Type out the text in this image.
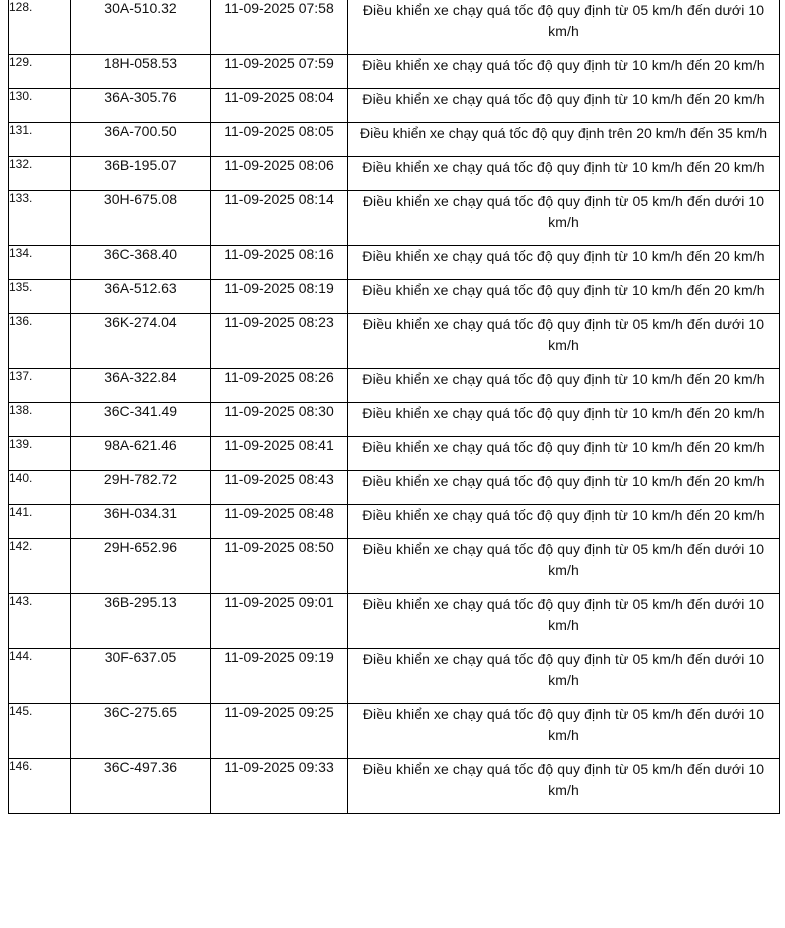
128.	30A-510.32	11-09-2025 07:58	Điều khiển xe chạy quá tốc độ quy định từ 05 km/h đến dưới 10 km/h
129.	18H-058.53	11-09-2025 07:59	Điều khiển xe chạy quá tốc độ quy định từ 10 km/h đến 20 km/h
130.	36A-305.76	11-09-2025 08:04	Điều khiển xe chạy quá tốc độ quy định từ 10 km/h đến 20 km/h
131.	36A-700.50	11-09-2025 08:05	Điều khiển xe chạy quá tốc độ quy định trên 20 km/h đến 35 km/h
132.	36B-195.07	11-09-2025 08:06	Điều khiển xe chạy quá tốc độ quy định từ 10 km/h đến 20 km/h
133.	30H-675.08	11-09-2025 08:14	Điều khiển xe chạy quá tốc độ quy định từ 05 km/h đến dưới 10 km/h
134.	36C-368.40	11-09-2025 08:16	Điều khiển xe chạy quá tốc độ quy định từ 10 km/h đến 20 km/h
135.	36A-512.63	11-09-2025 08:19	Điều khiển xe chạy quá tốc độ quy định từ 10 km/h đến 20 km/h
136.	36K-274.04	11-09-2025 08:23	Điều khiển xe chạy quá tốc độ quy định từ 05 km/h đến dưới 10 km/h
137.	36A-322.84	11-09-2025 08:26	Điều khiển xe chạy quá tốc độ quy định từ 10 km/h đến 20 km/h
138.	36C-341.49	11-09-2025 08:30	Điều khiển xe chạy quá tốc độ quy định từ 10 km/h đến 20 km/h
139.	98A-621.46	11-09-2025 08:41	Điều khiển xe chạy quá tốc độ quy định từ 10 km/h đến 20 km/h
140.	29H-782.72	11-09-2025 08:43	Điều khiển xe chạy quá tốc độ quy định từ 10 km/h đến 20 km/h
141.	36H-034.31	11-09-2025 08:48	Điều khiển xe chạy quá tốc độ quy định từ 10 km/h đến 20 km/h
142.	29H-652.96	11-09-2025 08:50	Điều khiển xe chạy quá tốc độ quy định từ 05 km/h đến dưới 10 km/h
143.	36B-295.13	11-09-2025 09:01	Điều khiển xe chạy quá tốc độ quy định từ 05 km/h đến dưới 10 km/h
144.	30F-637.05	11-09-2025 09:19	Điều khiển xe chạy quá tốc độ quy định từ 05 km/h đến dưới 10 km/h
145.	36C-275.65	11-09-2025 09:25	Điều khiển xe chạy quá tốc độ quy định từ 05 km/h đến dưới 10 km/h
146.	36C-497.36	11-09-2025 09:33	Điều khiển xe chạy quá tốc độ quy định từ 05 km/h đến dưới 10 km/h
